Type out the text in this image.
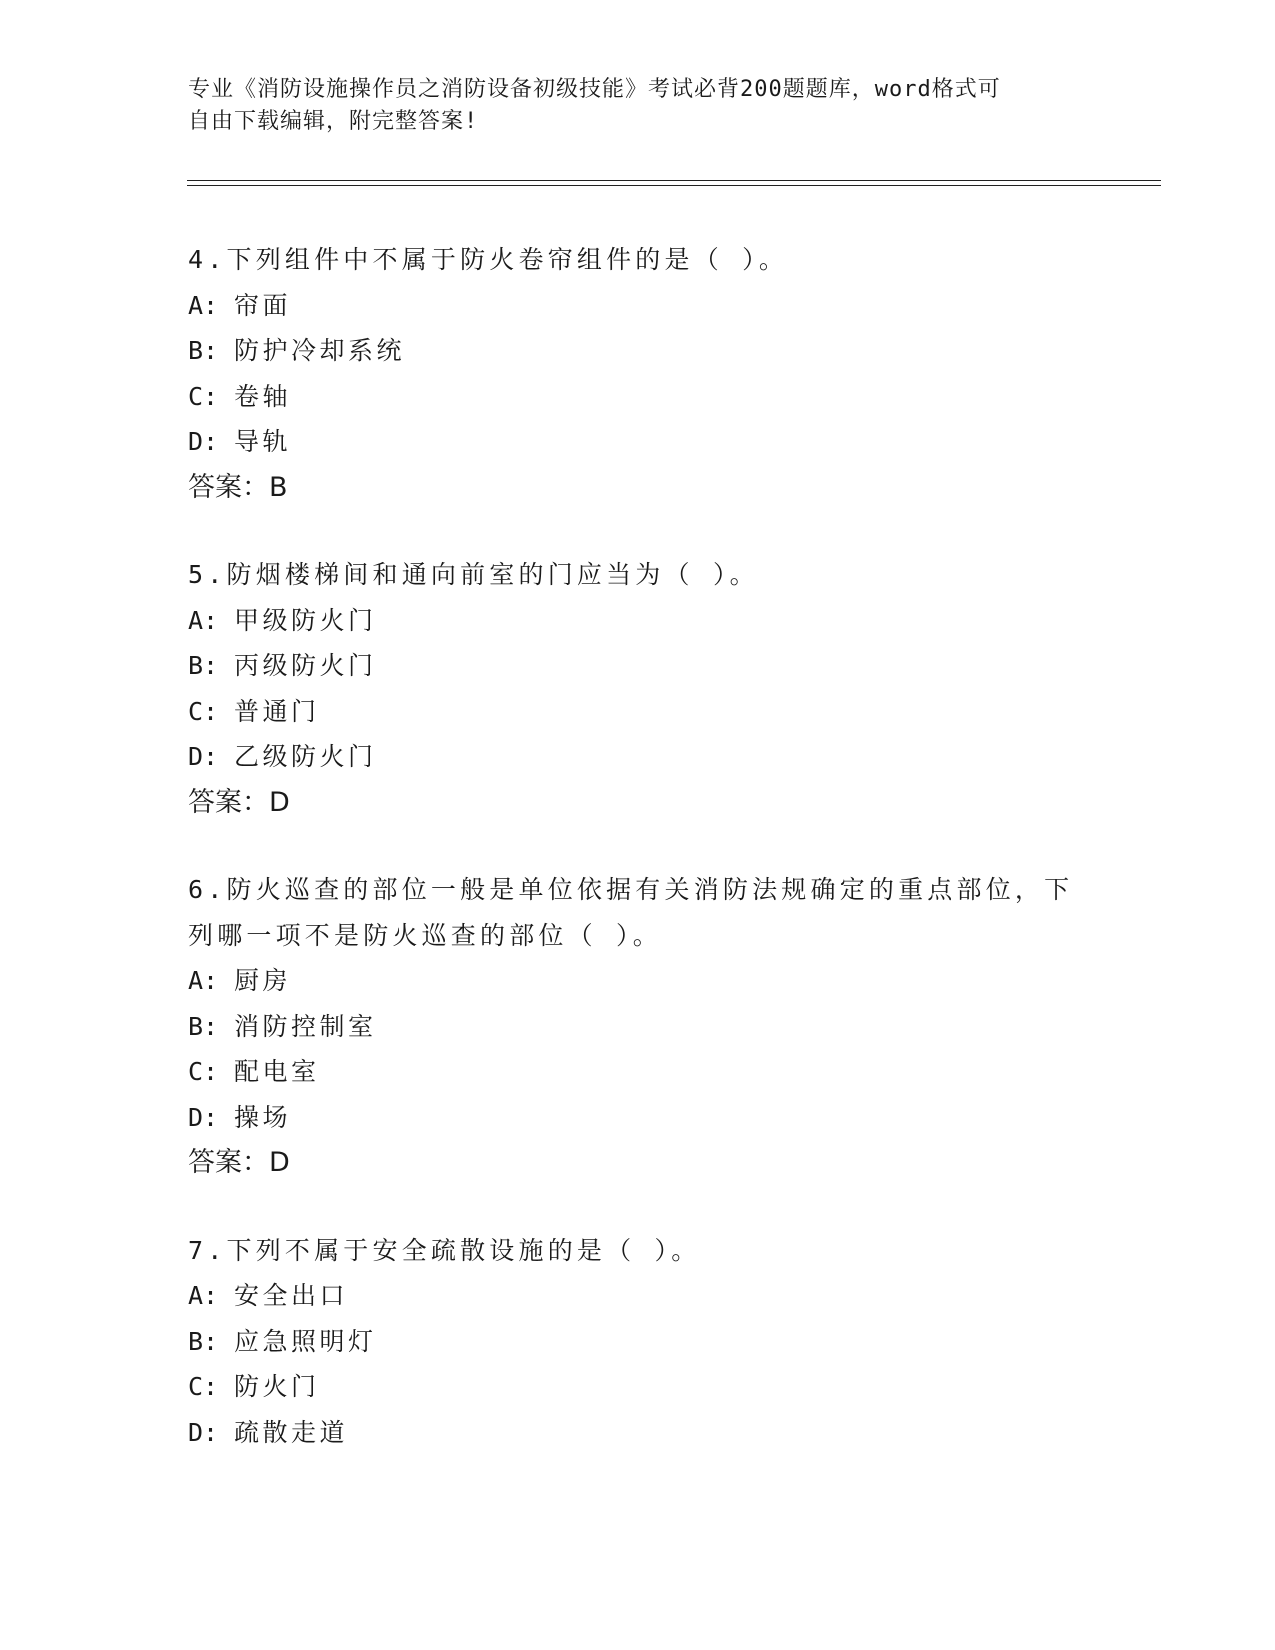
专业《消防设施操作员之消防设备初级技能》考试必背200题题库，word格式可
自由下载编辑，附完整答案!
4.下列组件中不属于防火卷帘组件的是（ ）。
A: 帘面
B: 防护冷却系统
C: 卷轴
D: 导轨
答案：B
5.防烟楼梯间和通向前室的门应当为（ ）。
A: 甲级防火门
B: 丙级防火门
C: 普通门
D: 乙级防火门
答案：D
6.防火巡查的部位一般是单位依据有关消防法规确定的重点部位，下
列哪一项不是防火巡查的部位（ ）。
A: 厨房
B: 消防控制室
C: 配电室
D: 操场
答案：D
7.下列不属于安全疏散设施的是（ ）。
A: 安全出口
B: 应急照明灯
C: 防火门
D: 疏散走道
